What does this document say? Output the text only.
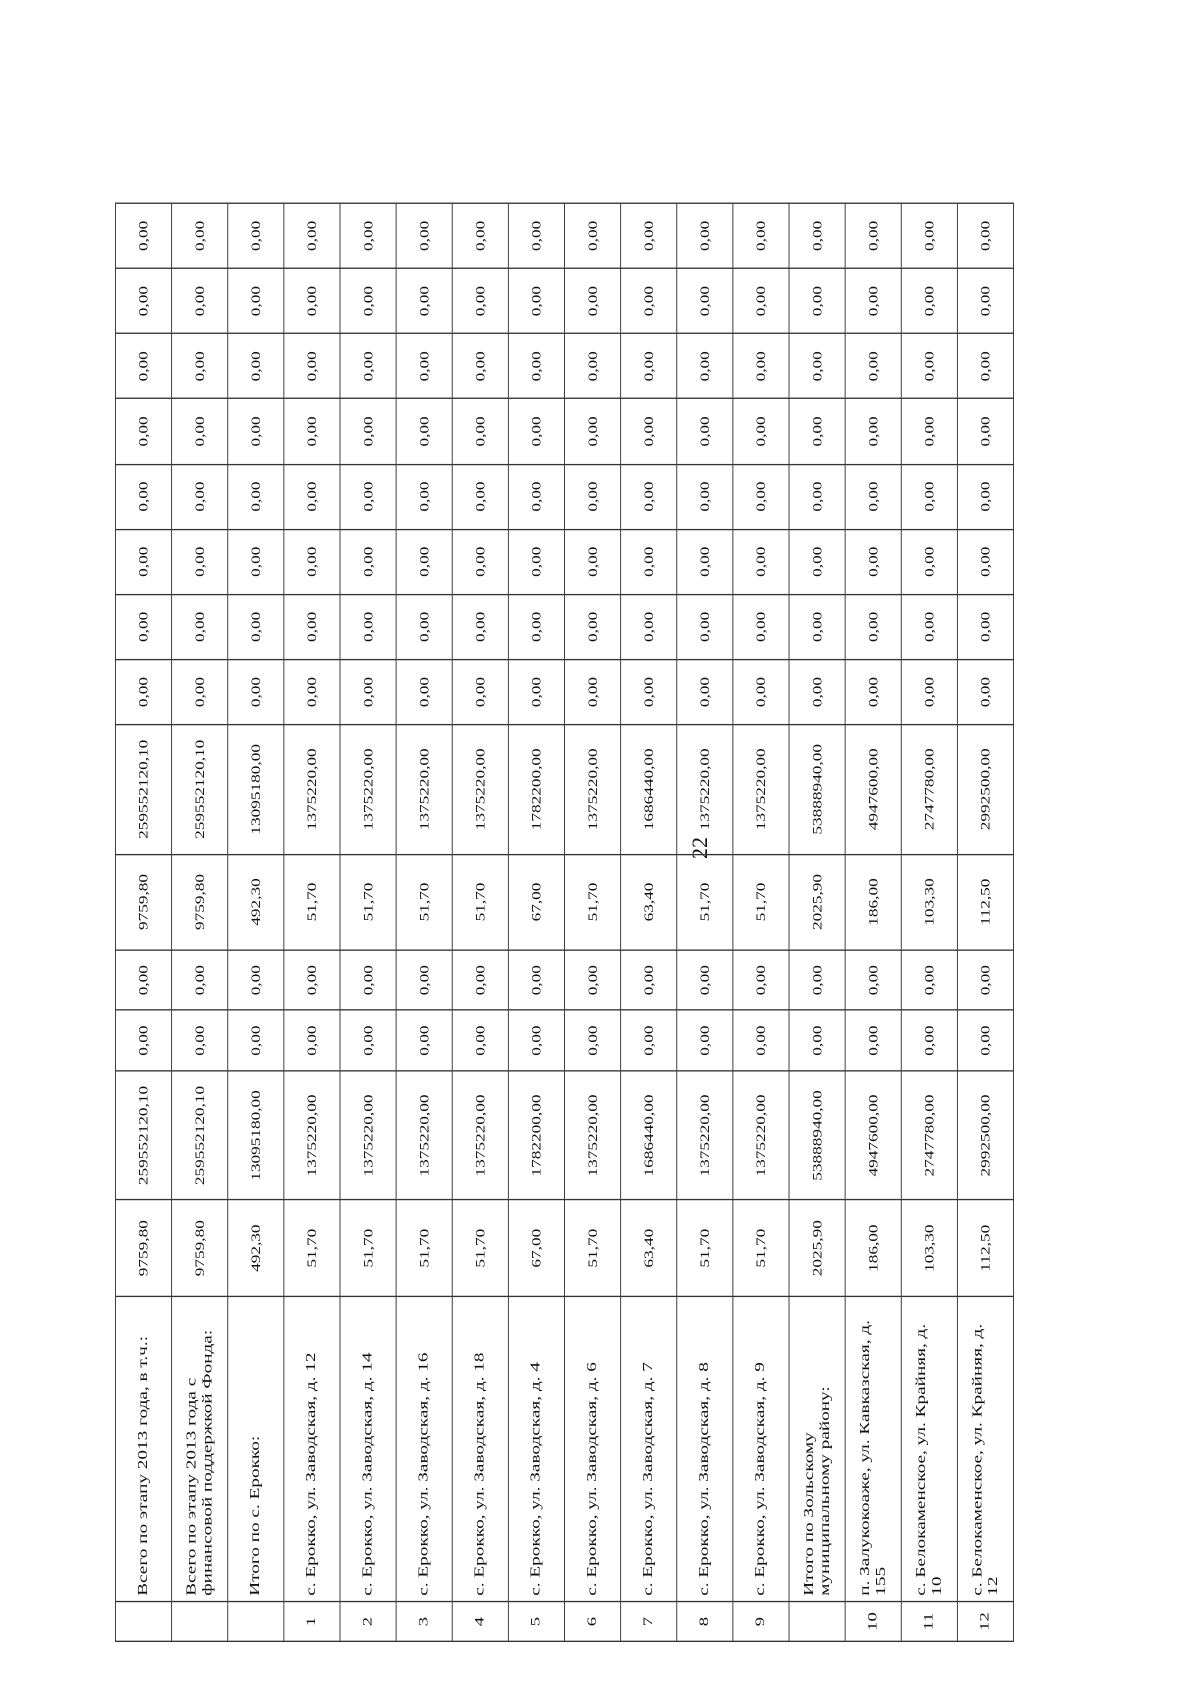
22
	Всего по этапу 2013 года, в т.ч.:	9759,80	259552120,10	0,00	0,00	9759,80	259552120,10	0,00	0,00	0,00	0,00	0,00	0,00	0,00	0,00
	Всего по этапу 2013 года с финансовой поддержкой Фонда:	9759,80	259552120,10	0,00	0,00	9759,80	259552120,10	0,00	0,00	0,00	0,00	0,00	0,00	0,00	0,00
	Итого по с. Ерокко:	492,30	13095180,00	0,00	0,00	492,30	13095180,00	0,00	0,00	0,00	0,00	0,00	0,00	0,00	0,00
1	с. Ерокко, ул. Заводская, д. 12	51,70	1375220,00	0,00	0,00	51,70	1375220,00	0,00	0,00	0,00	0,00	0,00	0,00	0,00	0,00
2	с. Ерокко, ул. Заводская, д. 14	51,70	1375220,00	0,00	0,00	51,70	1375220,00	0,00	0,00	0,00	0,00	0,00	0,00	0,00	0,00
3	с. Ерокко, ул. Заводская, д. 16	51,70	1375220,00	0,00	0,00	51,70	1375220,00	0,00	0,00	0,00	0,00	0,00	0,00	0,00	0,00
4	с. Ерокко, ул. Заводская, д. 18	51,70	1375220,00	0,00	0,00	51,70	1375220,00	0,00	0,00	0,00	0,00	0,00	0,00	0,00	0,00
5	с. Ерокко, ул. Заводская, д. 4	67,00	1782200,00	0,00	0,00	67,00	1782200,00	0,00	0,00	0,00	0,00	0,00	0,00	0,00	0,00
6	с. Ерокко, ул. Заводская, д. 6	51,70	1375220,00	0,00	0,00	51,70	1375220,00	0,00	0,00	0,00	0,00	0,00	0,00	0,00	0,00
7	с. Ерокко, ул. Заводская, д. 7	63,40	1686440,00	0,00	0,00	63,40	1686440,00	0,00	0,00	0,00	0,00	0,00	0,00	0,00	0,00
8	с. Ерокко, ул. Заводская, д. 8	51,70	1375220,00	0,00	0,00	51,70	1375220,00	0,00	0,00	0,00	0,00	0,00	0,00	0,00	0,00
9	с. Ерокко, ул. Заводская, д. 9	51,70	1375220,00	0,00	0,00	51,70	1375220,00	0,00	0,00	0,00	0,00	0,00	0,00	0,00	0,00
	Итого по Зольскому муниципальному району:	2025,90	53888940,00	0,00	0,00	2025,90	53888940,00	0,00	0,00	0,00	0,00	0,00	0,00	0,00	0,00
10	п. Залукокоаже, ул. Кавказская, д. 155	186,00	4947600,00	0,00	0,00	186,00	4947600,00	0,00	0,00	0,00	0,00	0,00	0,00	0,00	0,00
11	с. Белокаменское, ул. Крайняя, д. 10	103,30	2747780,00	0,00	0,00	103,30	2747780,00	0,00	0,00	0,00	0,00	0,00	0,00	0,00	0,00
12	с. Белокаменское, ул. Крайняя, д. 12	112,50	2992500,00	0,00	0,00	112,50	2992500,00	0,00	0,00	0,00	0,00	0,00	0,00	0,00	0,00
